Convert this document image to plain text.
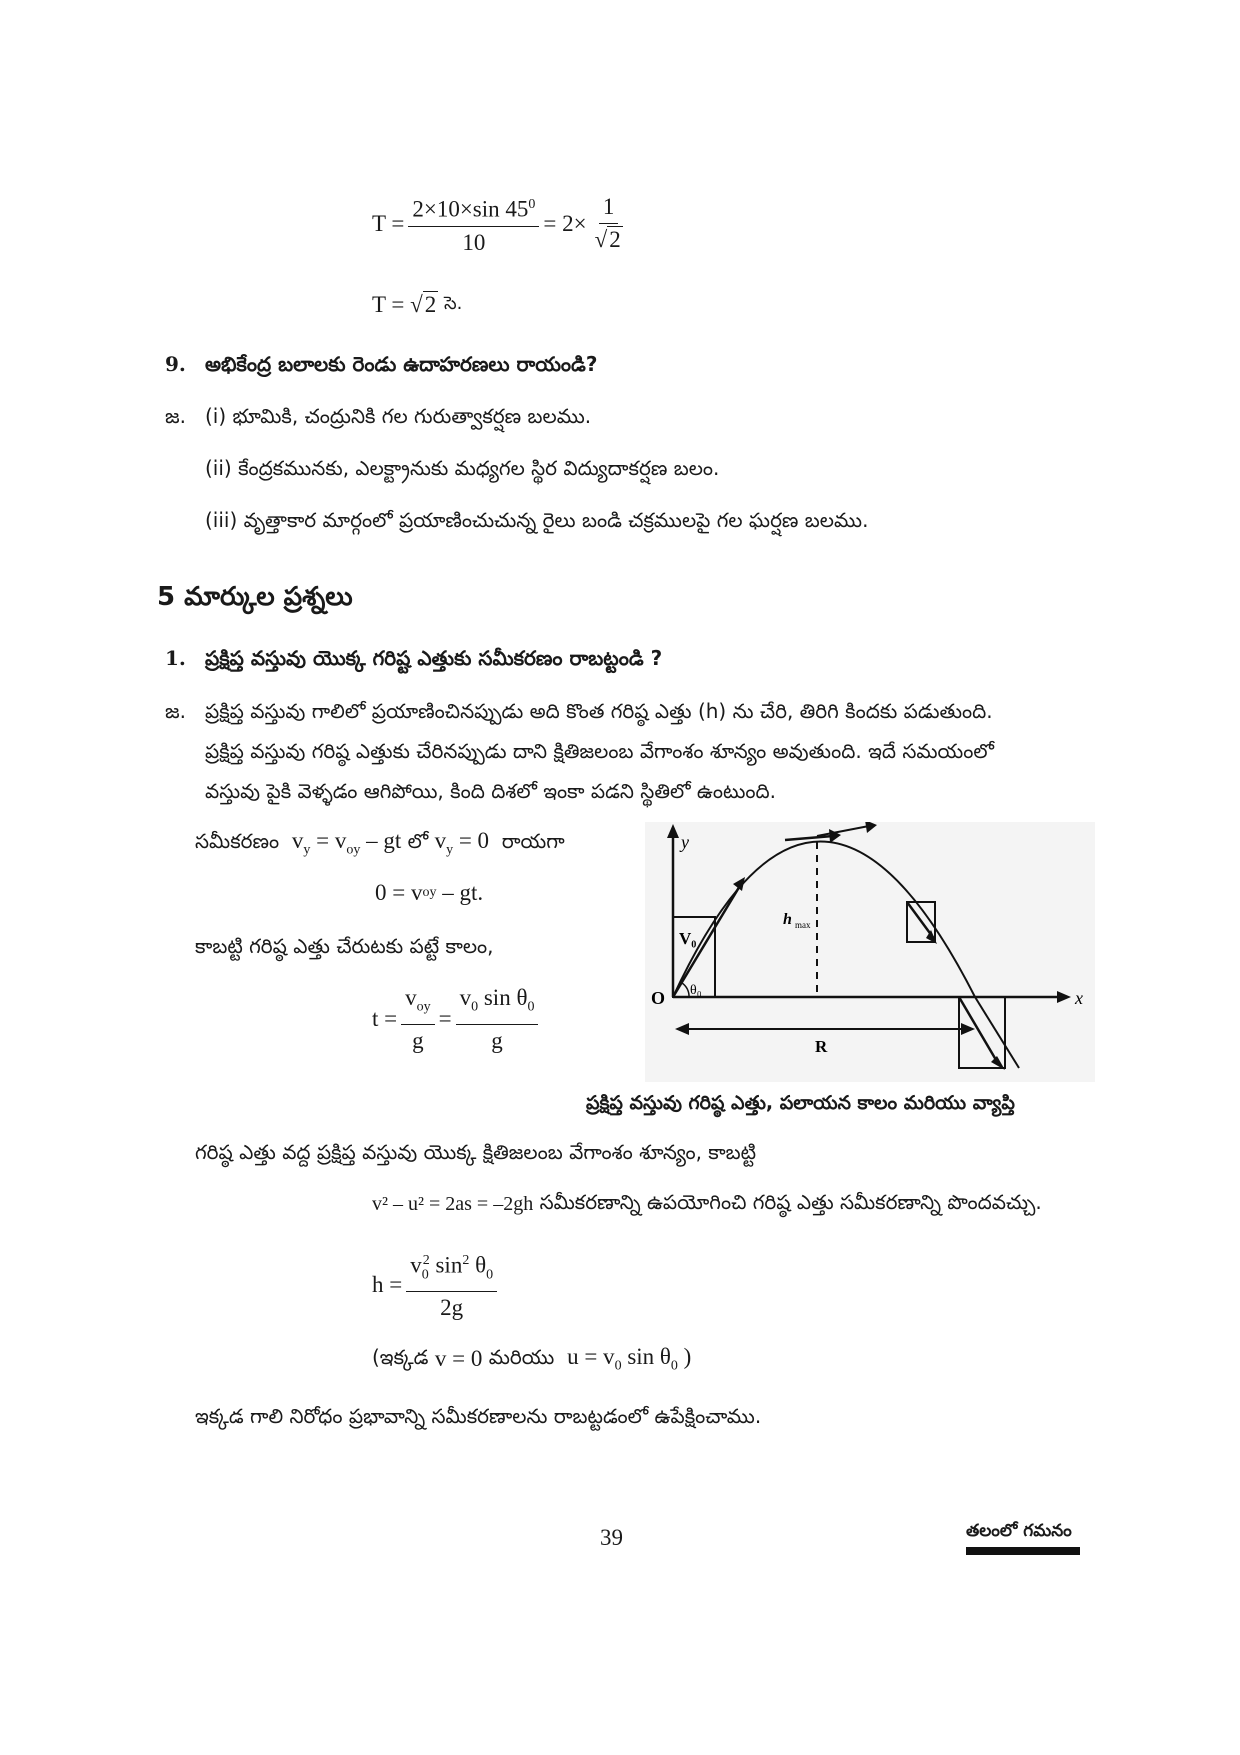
$T = \frac{2\times 10\times\sin 45^0}{10} = 2\times \frac{1}{√2}$
T =
√ 2
సె.
9. అభికేంద్ర బలాలకు రెండు ఉదాహరణలు రాయండి?
జ. (i) భూమికి, చంద్రునికి గల గురుత్వాకర్షణ బలము.
(ii) కేంద్రకమునకు, ఎలక్ట్రానుకు మధ్యగల స్థిర విద్యుదాకర్షణ బలం.
(iii) వృత్తాకార మార్గంలో ప్రయాణించుచున్న రైలు బండి చక్రములపై గల ఘర్షణ బలము.
5 మార్కుల ప్రశ్నలు
1. ప్రక్షిప్త వస్తువు యొక్క గరిష్ట ఎత్తుకు సమీకరణం రాబట్టండి ?
జ. ప్రక్షిప్త వస్తువు గాలిలో ప్రయాణించినప్పుడు అది కొంత గరిష్ఠ ఎత్తు (h) ను చేరి, తిరిగి కిందకు పడుతుంది.
ప్రక్షిప్త వస్తువు గరిష్ఠ ఎత్తుకు చేరినప్పుడు దాని క్షితిజలంబ వేగాంశం శూన్యం అవుతుంది. ఇదే సమయంలో
వస్తువు పైకి వెళ్ళడం ఆగిపోయి, కింది దిశలో ఇంకా పడని స్థితిలో ఉంటుంది.
సమీకరణం
$v_y = v_{oy}$ – gt
లో
$v_y = 0$
రాయగా
0 = v oy
– gt.
కాబట్టి గరిష్ఠ ఎత్తు చేరుటకు పట్టే కాలం,
$t = \frac{v_{oy}}{g} = \frac{v_0 \sin \theta_0}{g}$
y
x
O
V₀
θ₀
h max
R
ప్రక్షిప్త వస్తువు గరిష్ఠ ఎత్తు, పలాయన కాలం మరియు వ్యాప్తి
గరిష్ఠ ఎత్తు వద్ద ప్రక్షిప్త వస్తువు యొక్క క్షితిజలంబ వేగాంశం శూన్యం, కాబట్టి
v² – u² = 2as = –2gh
సమీకరణాన్ని ఉపయోగించి గరిష్ఠ ఎత్తు సమీకరణాన్ని పొందవచ్చు.
$h = \frac{v_0^2 \sin^2 \theta_0}{2g}$
(ఇక్కడ
v = 0
మరియు
$u = v_0$ $\sin \theta_0$ )
ఇక్కడ గాలి నిరోధం ప్రభావాన్ని సమీకరణాలను రాబట్టడంలో ఉపేక్షించాము.
39	తలంలో గమనం
